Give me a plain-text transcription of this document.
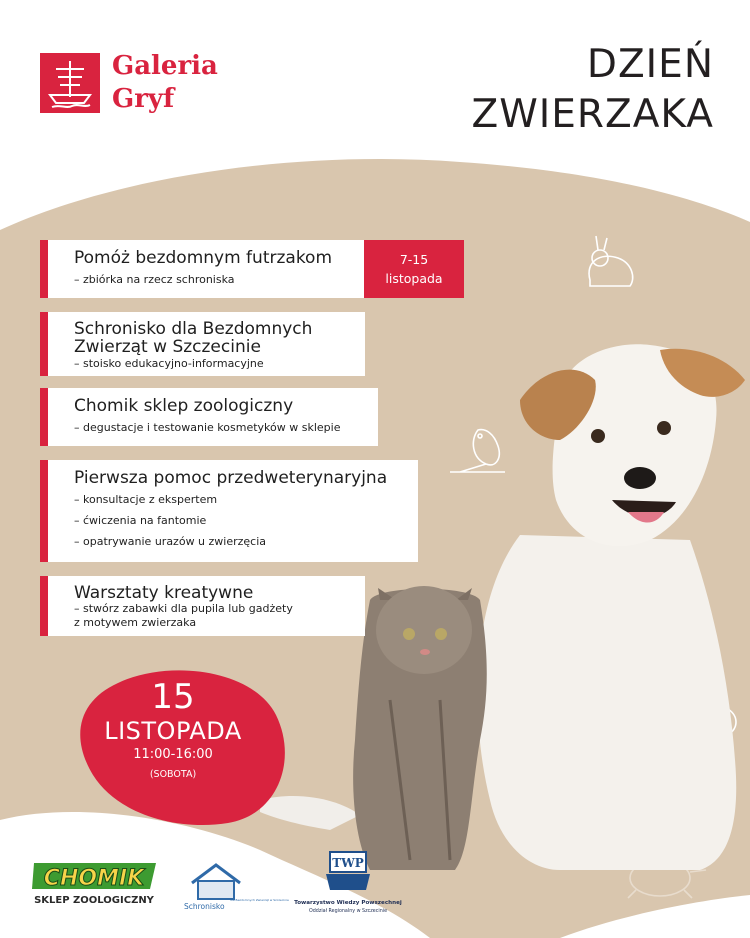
Galeria
Gryf
DZIEŃ
ZWIERZAKA
Pomóż bezdomnym futrzakom
– zbiórka na rzecz schroniska
7-15
listopada
Schronisko dla Bezdomnych
Zwierząt w Szczecinie
– stoisko edukacyjno-informacyjne
Chomik sklep zoologiczny
– degustacje i testowanie kosmetyków w sklepie
Pierwsza pomoc przedweterynaryjna
– konsultacje z ekspertem
– ćwiczenia na fantomie
– opatrywanie urazów u zwierzęcia
Warsztaty kreatywne
– stwórz zabawki dla pupila lub gadżety
z motywem zwierzaka
15
LISTOPADA
11:00-16:00
(SOBOTA)
CHOMIK
SKLEP ZOOLOGICZNY
Schronisko
dla Bezdomnych Zwierząt w Szczecinie
TWP
Towarzystwo Wiedzy Powszechnej
Oddział Regionalny w Szczecinie
